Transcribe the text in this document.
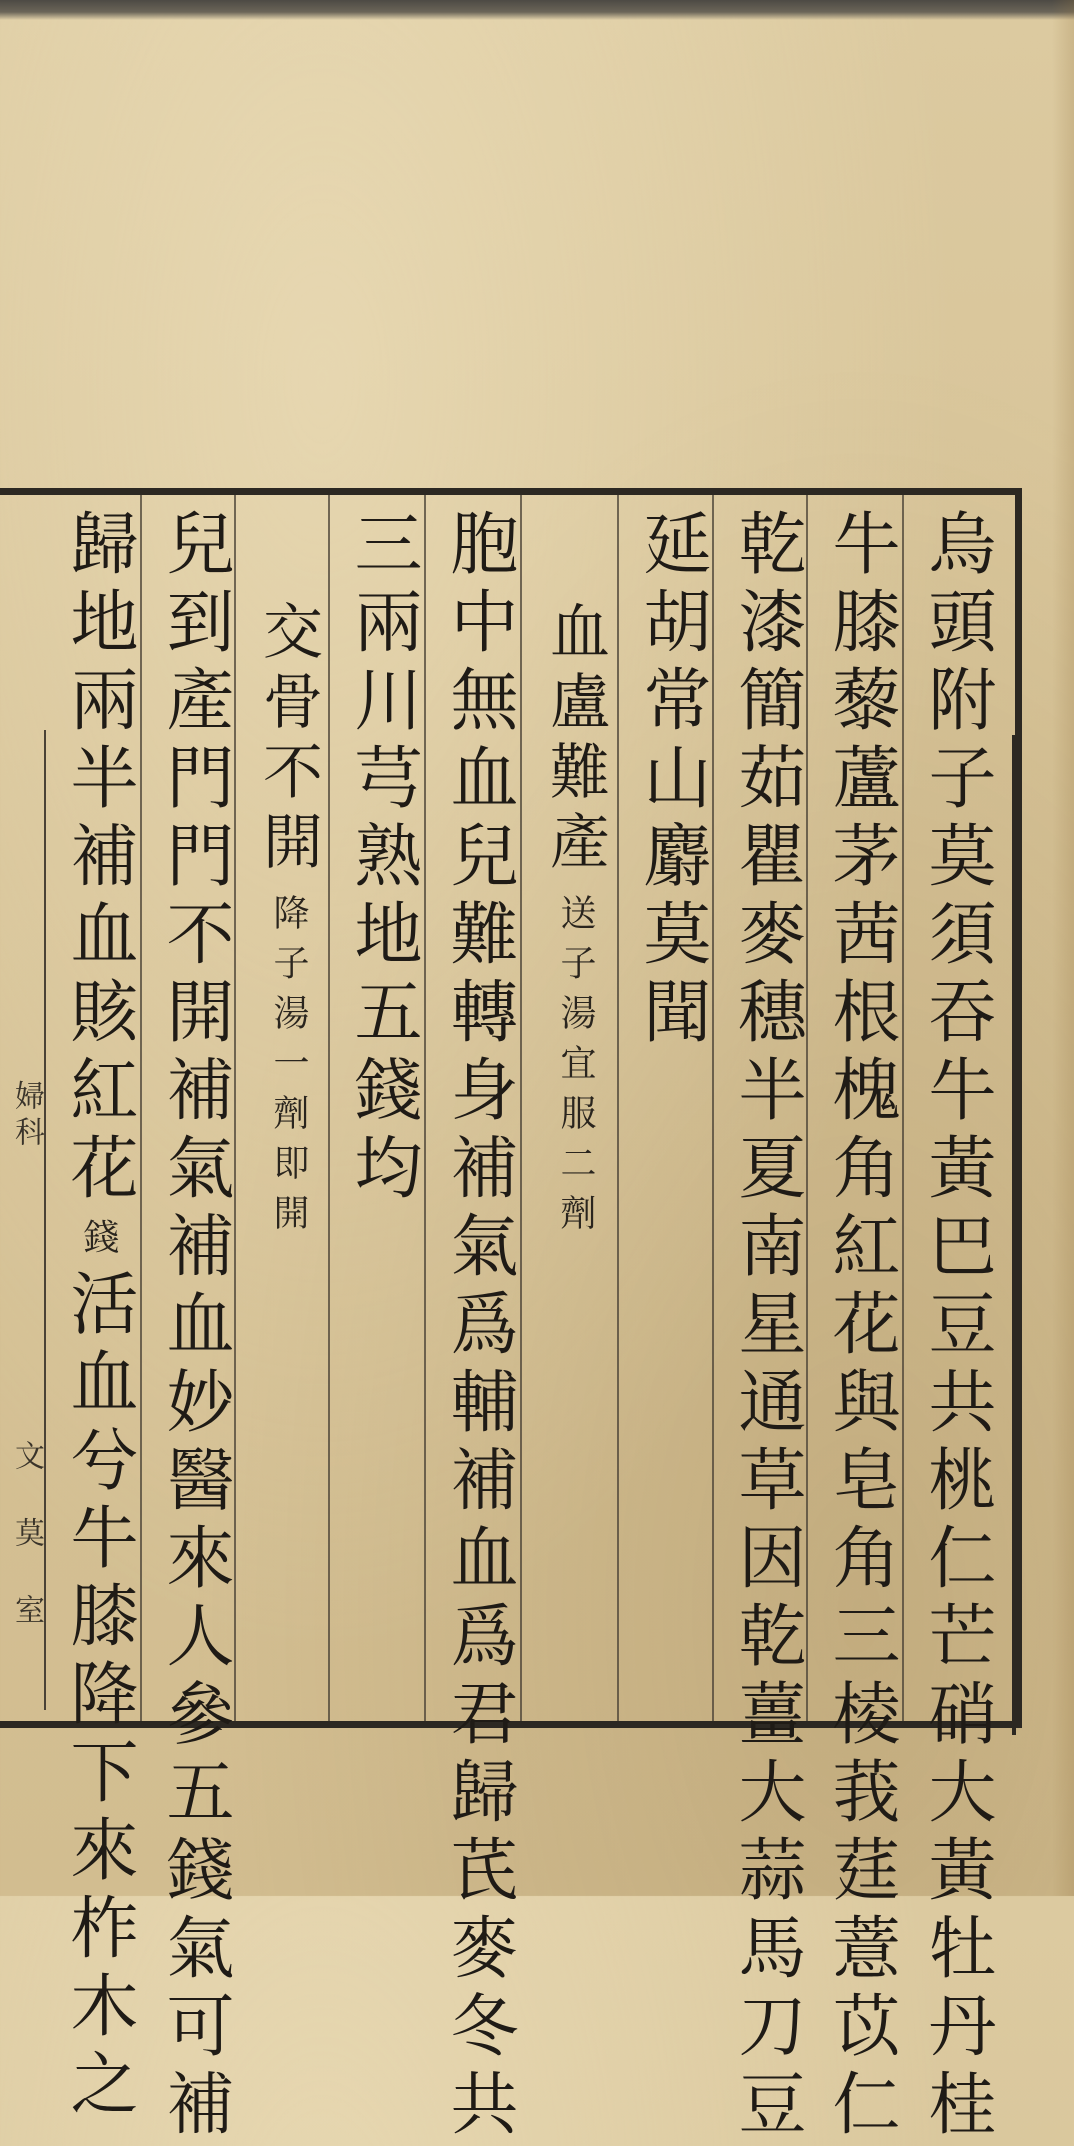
烏頭附子莫須吞牛黃巴豆共桃仁芒硝大黃牡丹桂
牛膝藜蘆茅茜根槐角紅花與皂角三棱莪莛薏苡仁
乾漆簡茹瞿麥穗半夏南星通草因乾薑大蒜馬刀豆
延胡常山麝莫聞
血盧難產送子湯宜服二劑
胞中無血兒難轉身補氣爲輔補血爲君歸芪麥冬共
三兩川芎熟地五錢均
交骨不開降子湯一劑即開
兒到產門門不開補氣補血妙醫來人參五錢氣可補
歸地兩半補血賅紅花錢活血兮牛膝降下來柞木之
婦科
文 莫 室
